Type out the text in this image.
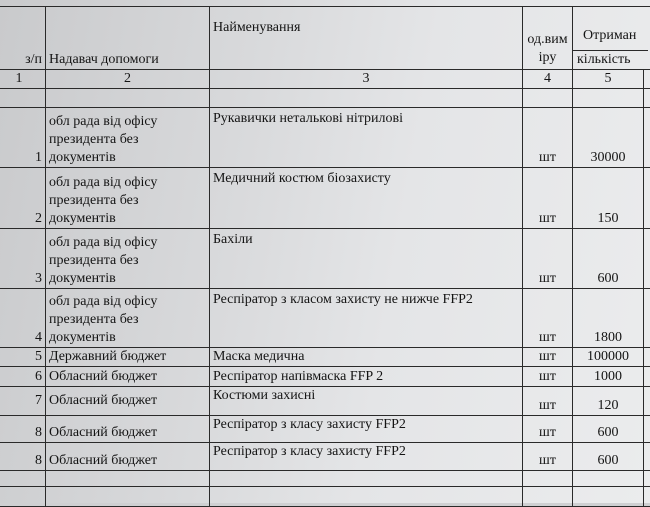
з/п	Надавач допомоги	Найменування	од.вим іру	Отриман
кількість	

1	2	3	4	5	

1	обл рада від офісу президента без документів	Рукавички неталькові нітрилові	шт	30000	
2	обл рада від офісу президента без документів	Медичний костюм біозахисту	шт	150	
3	обл рада від офісу президента без документів	Бахіли	шт	600	
4	обл рада від офісу президента без документів	Респіратор з класом захисту не нижче FFP2	шт	1800	
5	Державний бюджет	Маска медична	шт	100000	
6	Обласний бюджет	Респіратор напівмаска FFP 2	шт	1000	
7	Обласний бюджет	Костюми захисні	шт	120	
8	Обласний бюджет	Респіратор з класу захисту FFP2	шт	600	
8	Обласний бюджет	Респіратор з класу захисту FFP2	шт	600	
